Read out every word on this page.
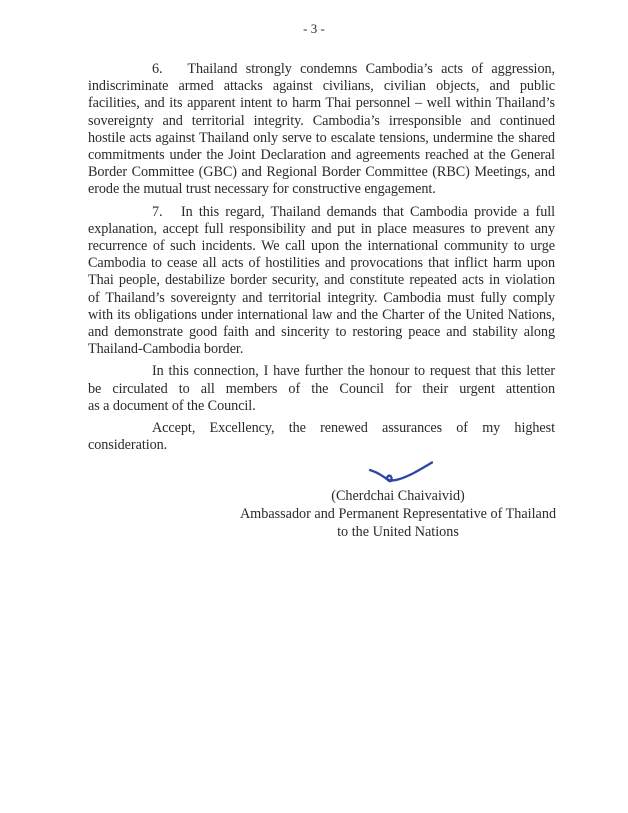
- 3 -
6.   Thailand strongly condemns Cambodia’s acts of aggression,
indiscriminate armed attacks against civilians, civilian objects, and public
facilities, and its apparent intent to harm Thai personnel – well within Thailand’s
sovereignty and territorial integrity. Cambodia’s irresponsible and continued
hostile acts against Thailand only serve to escalate tensions, undermine the shared
commitments under the Joint Declaration and agreements reached at the General
Border Committee (GBC) and Regional Border Committee (RBC) Meetings, and
erode the mutual trust necessary for constructive engagement.
7.   In this regard, Thailand demands that Cambodia provide a full
explanation, accept full responsibility and put in place measures to prevent any
recurrence of such incidents. We call upon the international community to urge
Cambodia to cease all acts of hostilities and provocations that inflict harm upon
Thai people, destabilize border security, and constitute repeated acts in violation
of Thailand’s sovereignty and territorial integrity. Cambodia must fully comply
with its obligations under international law and the Charter of the United Nations,
and demonstrate good faith and sincerity to restoring peace and stability along
Thailand-Cambodia border.
In this connection, I have further the honour to request that this letter
be circulated to all members of the Council for their urgent attention
as a document of the Council.
Accept, Excellency, the renewed assurances of my highest
consideration.
(Cherdchai Chaivaivid)
Ambassador and Permanent Representative of Thailand
to the United Nations
